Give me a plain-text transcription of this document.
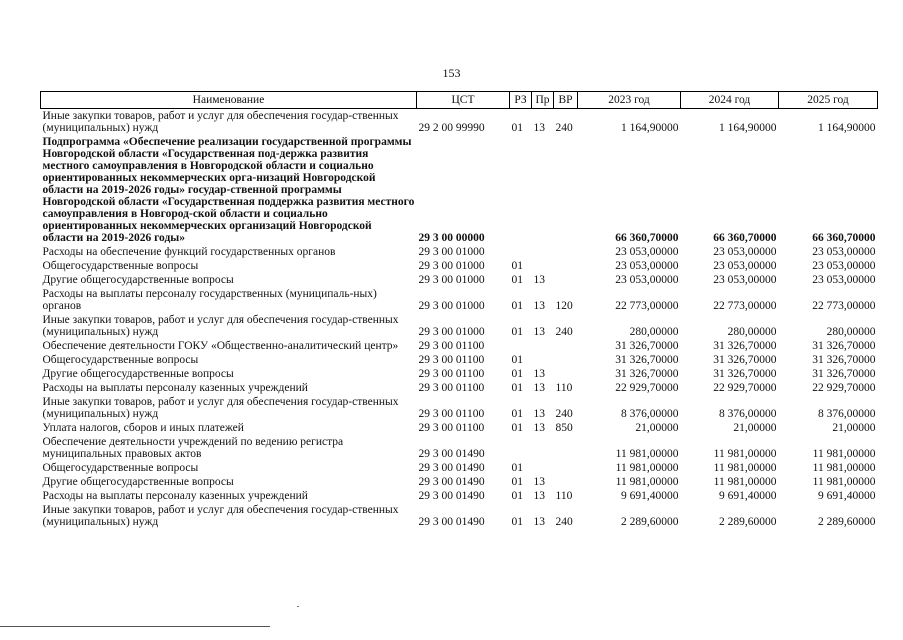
153
Наименование	ЦСТ	РЗ	Пр	ВР	2023 год	2024 год	2025 год
Иные закупки товаров, работ и услуг для обеспечения государ-ственных (муниципальных) нужд	29 2 00 99990	01	13	240	1 164,90000	1 164,90000	1 164,90000
Подпрограмма «Обеспечение реализации государственной программы Новгородской области «Государственная под-держка развития местного самоуправления в Новгородской области и социально ориентированных некоммерческих орга-низаций Новгородской области на 2019-2026 годы» государ-ственной программы Новгородской области «Государственная поддержка развития местного самоуправления в Новгород-ской области и социально ориентированных некоммерческих организаций Новгородской области на 2019-2026 годы»	29 3 00 00000				66 360,70000	66 360,70000	66 360,70000
Расходы на обеспечение функций государственных органов	29 3 00 01000				23 053,00000	23 053,00000	23 053,00000
Общегосударственные вопросы	29 3 00 01000	01			23 053,00000	23 053,00000	23 053,00000
Другие общегосударственные вопросы	29 3 00 01000	01	13		23 053,00000	23 053,00000	23 053,00000
Расходы на выплаты персоналу государственных (муниципаль-ных) органов	29 3 00 01000	01	13	120	22 773,00000	22 773,00000	22 773,00000
Иные закупки товаров, работ и услуг для обеспечения государ-ственных (муниципальных) нужд	29 3 00 01000	01	13	240	280,00000	280,00000	280,00000
Обеспечение деятельности ГОКУ «Общественно-аналитический центр»	29 3 00 01100				31 326,70000	31 326,70000	31 326,70000
Общегосударственные вопросы	29 3 00 01100	01			31 326,70000	31 326,70000	31 326,70000
Другие общегосударственные вопросы	29 3 00 01100	01	13		31 326,70000	31 326,70000	31 326,70000
Расходы на выплаты персоналу казенных учреждений	29 3 00 01100	01	13	110	22 929,70000	22 929,70000	22 929,70000
Иные закупки товаров, работ и услуг для обеспечения государ-ственных (муниципальных) нужд	29 3 00 01100	01	13	240	8 376,00000	8 376,00000	8 376,00000
Уплата налогов, сборов и иных платежей	29 3 00 01100	01	13	850	21,00000	21,00000	21,00000
Обеспечение деятельности учреждений по ведению регистра муниципальных правовых актов	29 3 00 01490				11 981,00000	11 981,00000	11 981,00000
Общегосударственные вопросы	29 3 00 01490	01			11 981,00000	11 981,00000	11 981,00000
Другие общегосударственные вопросы	29 3 00 01490	01	13		11 981,00000	11 981,00000	11 981,00000
Расходы на выплаты персоналу казенных учреждений	29 3 00 01490	01	13	110	9 691,40000	9 691,40000	9 691,40000
Иные закупки товаров, работ и услуг для обеспечения государ-ственных (муниципальных) нужд	29 3 00 01490	01	13	240	2 289,60000	2 289,60000	2 289,60000
